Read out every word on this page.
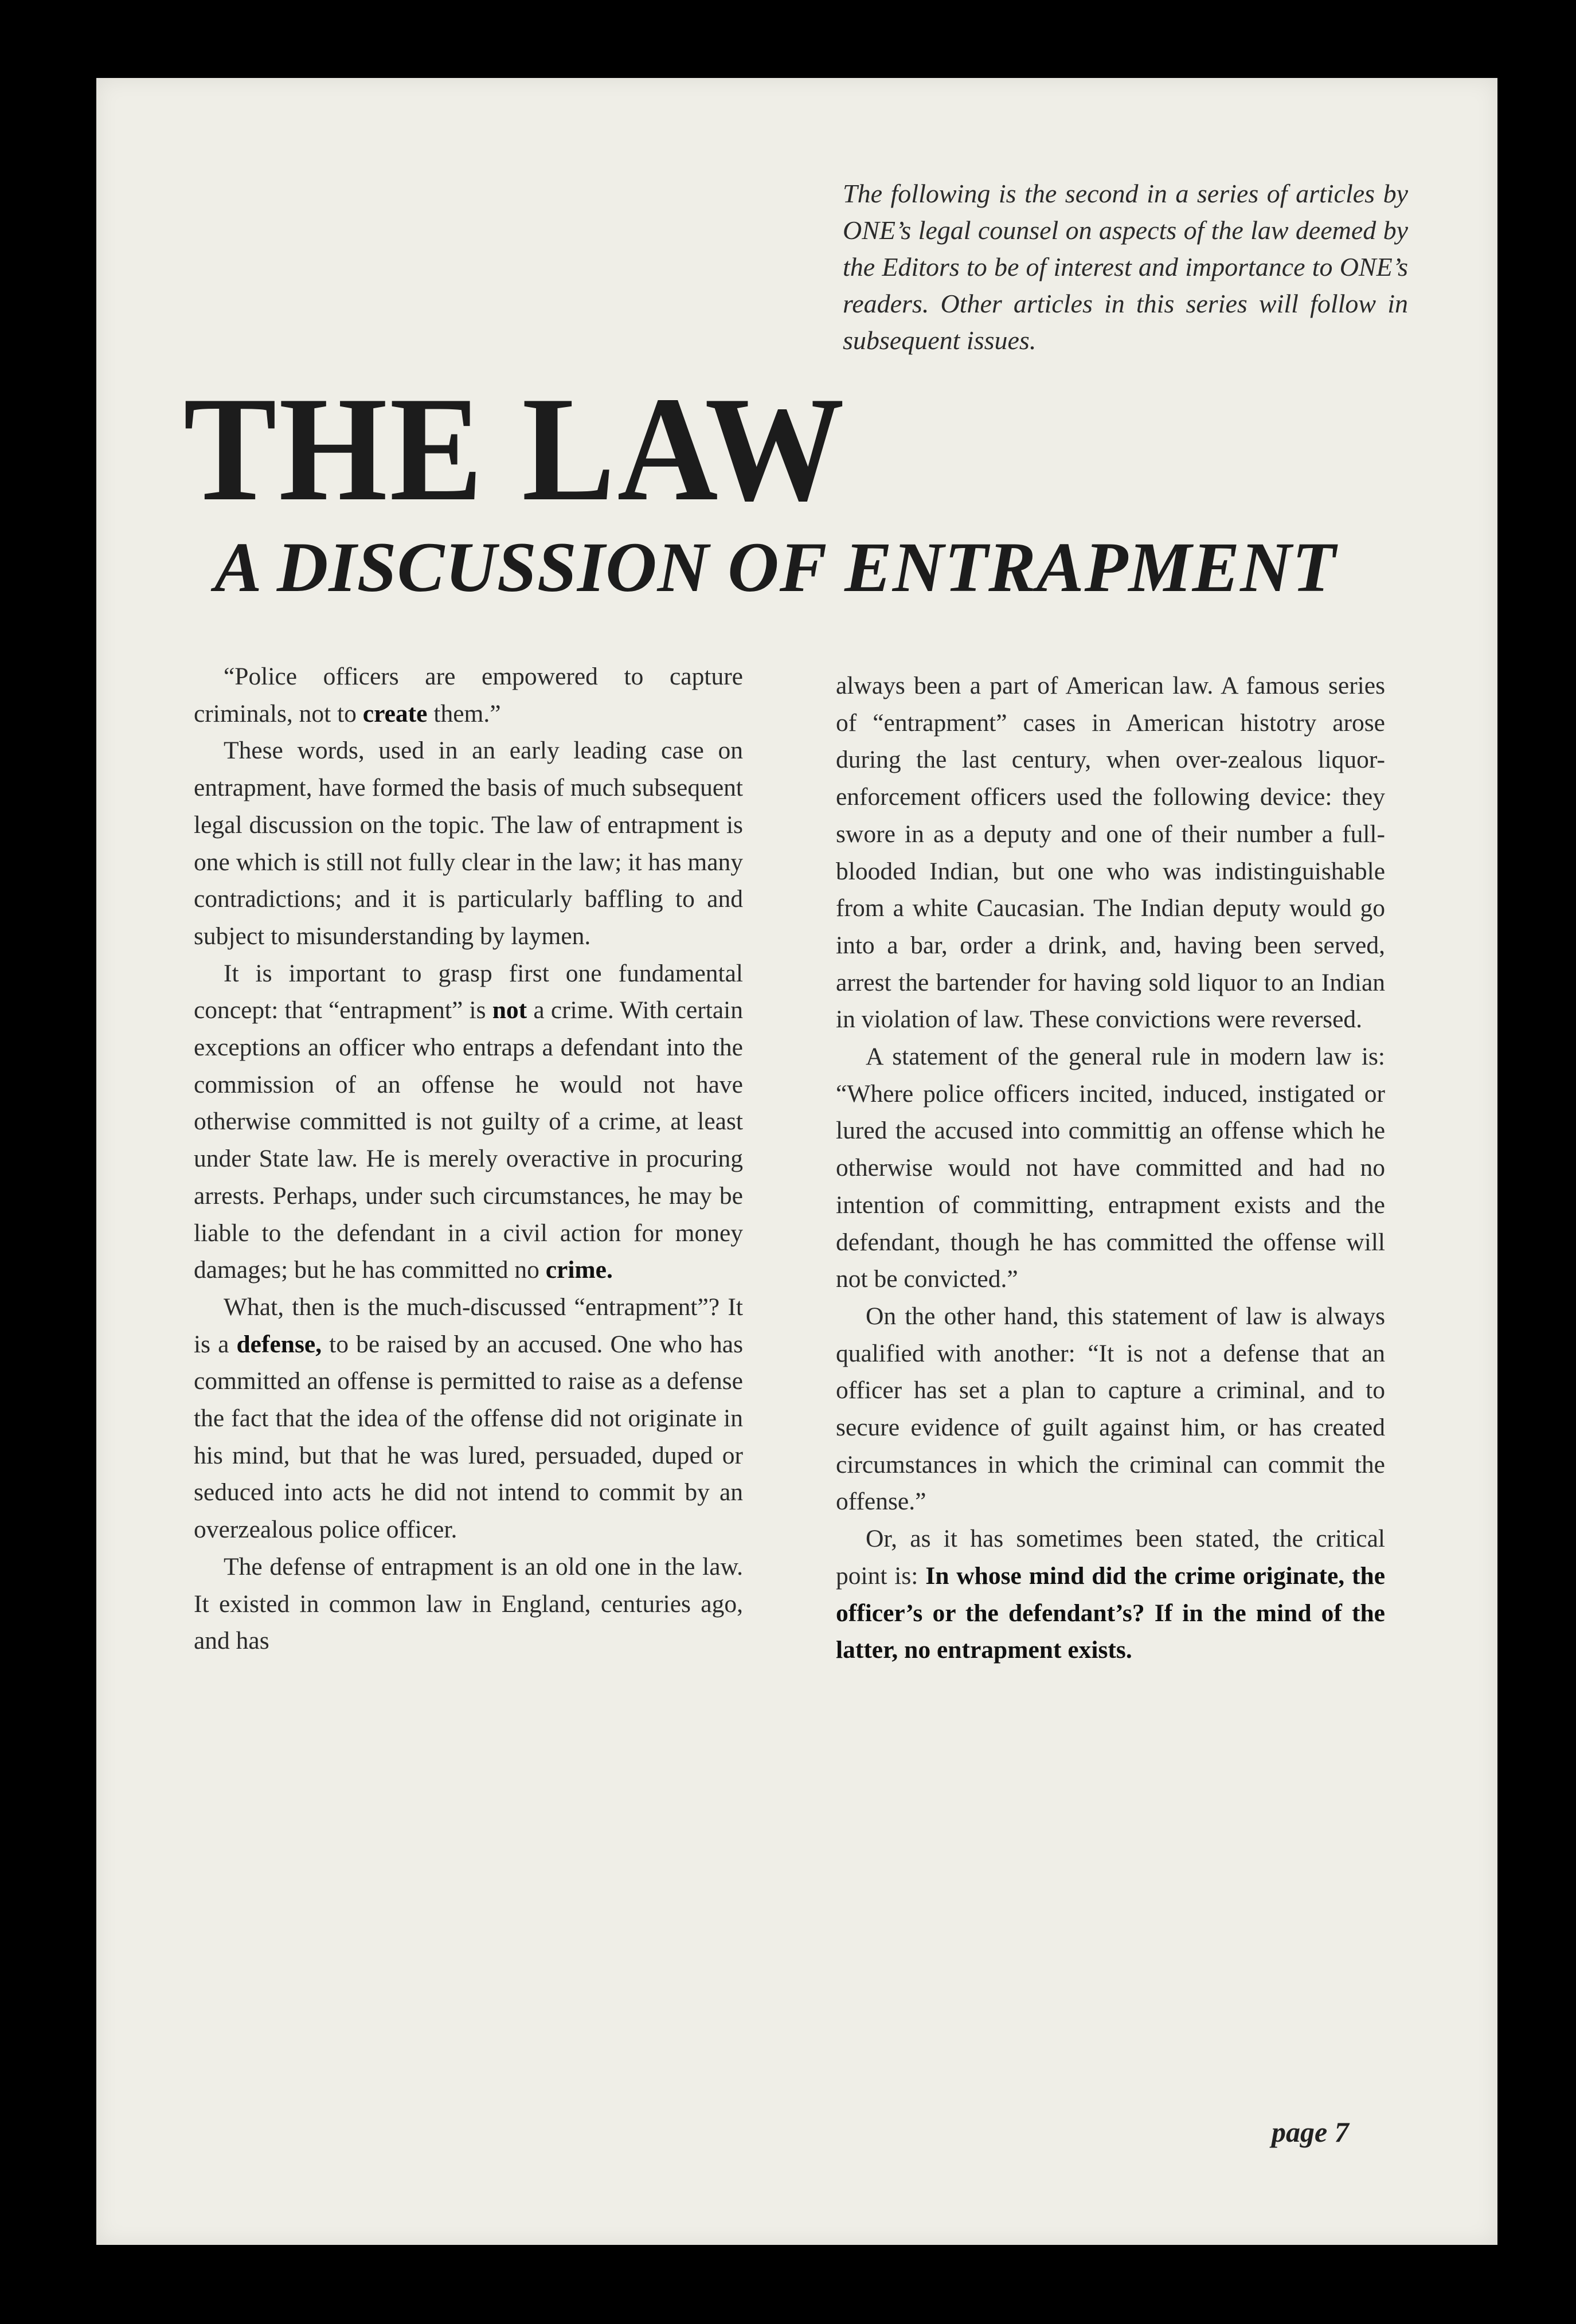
The following is the second in a series of articles by ONE’s legal counsel on aspects of the law deemed by the Editors to be of interest and importance to ONE’s readers. Other articles in this series will follow in subsequent issues.
THE LAW
A DISCUSSION OF ENTRAPMENT

“Police officers are empowered to capture criminals, not to create them.”

These words, used in an early leading case on entrapment, have formed the basis of much subsequent legal discussion on the topic. The law of entrapment is one which is still not fully clear in the law; it has many contradictions; and it is particularly baffling to and subject to misunderstanding by laymen.

It is important to grasp first one fundamental concept: that “entrapment” is not a crime. With certain exceptions an officer who entraps a defendant into the commission of an offense he would not have otherwise committed is not guilty of a crime, at least under State law. He is merely overactive in procuring arrests. Perhaps, under such circumstances, he may be liable to the defendant in a civil action for money damages; but he has committed no crime.

What, then is the much-discussed “entrapment”? It is a defense, to be raised by an accused. One who has committed an offense is permitted to raise as a defense the fact that the idea of the offense did not originate in his mind, but that he was lured, persuaded, duped or seduced into acts he did not intend to commit by an overzealous police officer.

The defense of entrapment is an old one in the law. It existed in common law in England, centuries ago, and has

always been a part of American law. A famous series of “entrapment” cases in American histotry arose during the last century, when over-zealous liquor-enforcement officers used the following device: they swore in as a deputy and one of their number a full-blooded Indian, but one who was indistinguishable from a white Caucasian. The Indian deputy would go into a bar, order a drink, and, having been served, arrest the bartender for having sold liquor to an Indian in violation of law. These convictions were reversed.

A statement of the general rule in modern law is: “Where police officers incited, induced, instigated or lured the accused into committig an offense which he otherwise would not have committed and had no intention of committing, entrapment exists and the defendant, though he has committed the offense will not be convicted.”

On the other hand, this statement of law is always qualified with another: “It is not a defense that an officer has set a plan to capture a criminal, and to secure evidence of guilt against him, or has created circumstances in which the criminal can commit the offense.”

Or, as it has sometimes been stated, the critical point is: In whose mind did the crime originate, the officer’s or the defendant’s? If in the mind of the latter, no entrapment exists.

page 7
